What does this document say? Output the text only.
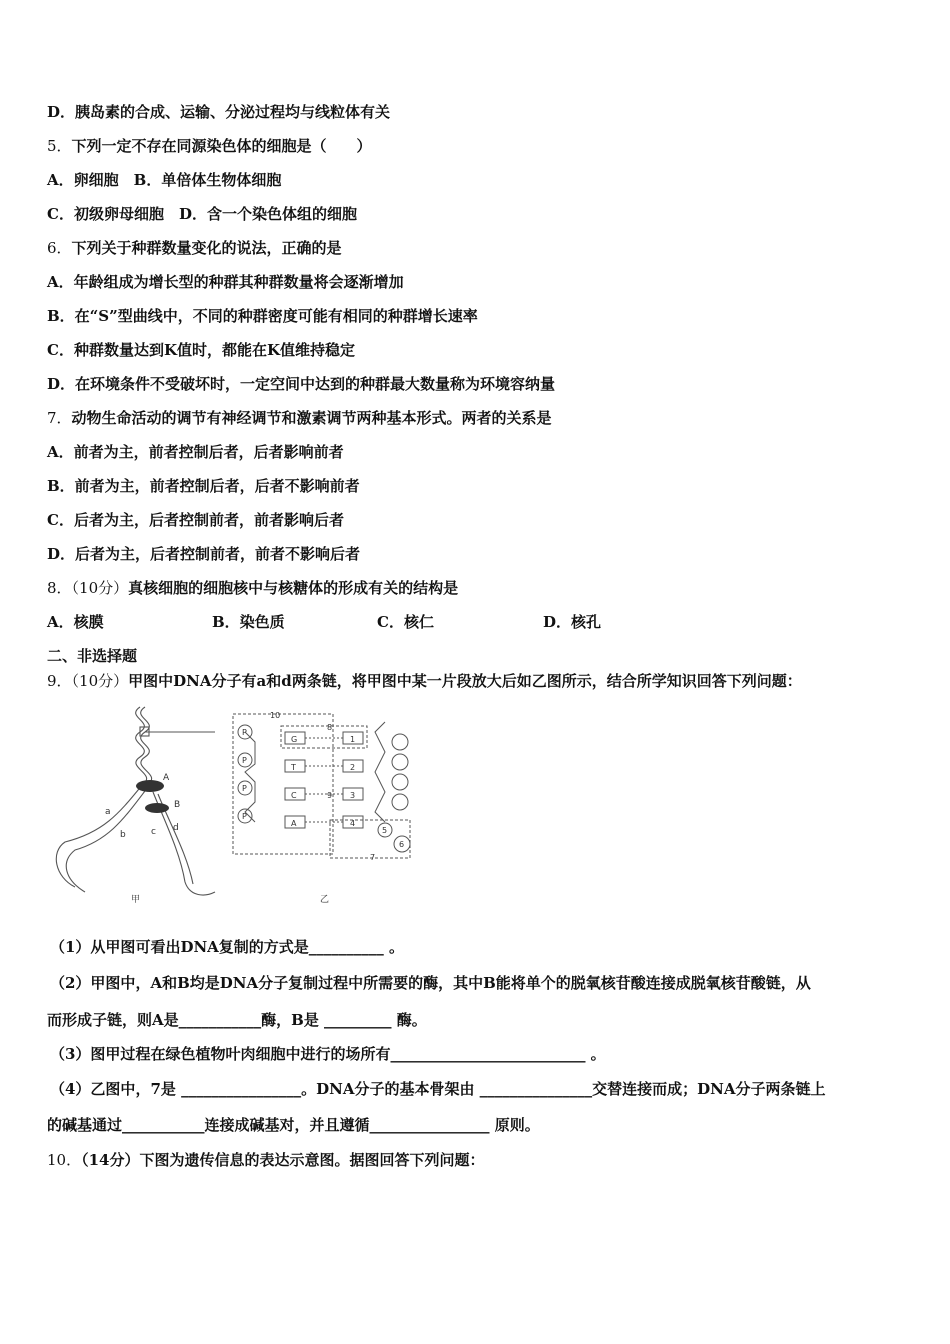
D．胰岛素的合成、运输、分泌过程均与线粒体有关
5．下列一定不存在同源染色体的细胞是（　　）
A．卵细胞　B．单倍体生物体细胞
C．初级卵母细胞　D．含一个染色体组的细胞
6．下列关于种群数量变化的说法，正确的是
A．年龄组成为增长型的种群其种群数量将会逐渐增加
B．在“S”型曲线中，不同的种群密度可能有相同的种群增长速率
C．种群数量达到K值时，都能在K值维持稳定
D．在环境条件不受破坏时，一定空间中达到的种群最大数量称为环境容纳量
7．动物生命活动的调节有神经调节和激素调节两种基本形式。两者的关系是
A．前者为主，前者控制后者，后者影响前者
B．前者为主，前者控制后者，后者不影响前者
C．后者为主，后者控制前者，前者影响后者
D．后者为主，后者控制前者，前者不影响后者
8．（10分）真核细胞的细胞核中与核糖体的形成有关的结构是
A．核膜	B．染色质	C．核仁	D．核孔
二、非选择题
9．（10分）甲图中DNA分子有a和d两条链，将甲图中某一片段放大后如乙图所示，结合所学知识回答下列问题：
A
B
a
b	c d
甲	乙
P
P
P
P
G
T
C
A
1
2
3
4
10
8
9
5
6
7
（1）从甲图可看出DNA复制的方式是__________ 。
（2）甲图中，A和B均是DNA分子复制过程中所需要的酶，其中B能将单个的脱氧核苷酸连接成脱氧核苷酸链，从
而形成子链，则A是___________酶，B是 _________ 酶。
（3）图甲过程在绿色植物叶肉细胞中进行的场所有__________________________ 。
（4）乙图中，7是 ________________。DNA分子的基本骨架由 _______________交替连接而成；DNA分子两条链上
的碱基通过___________连接成碱基对，并且遵循________________ 原则。
10．（14分）下图为遗传信息的表达示意图。据图回答下列问题：
